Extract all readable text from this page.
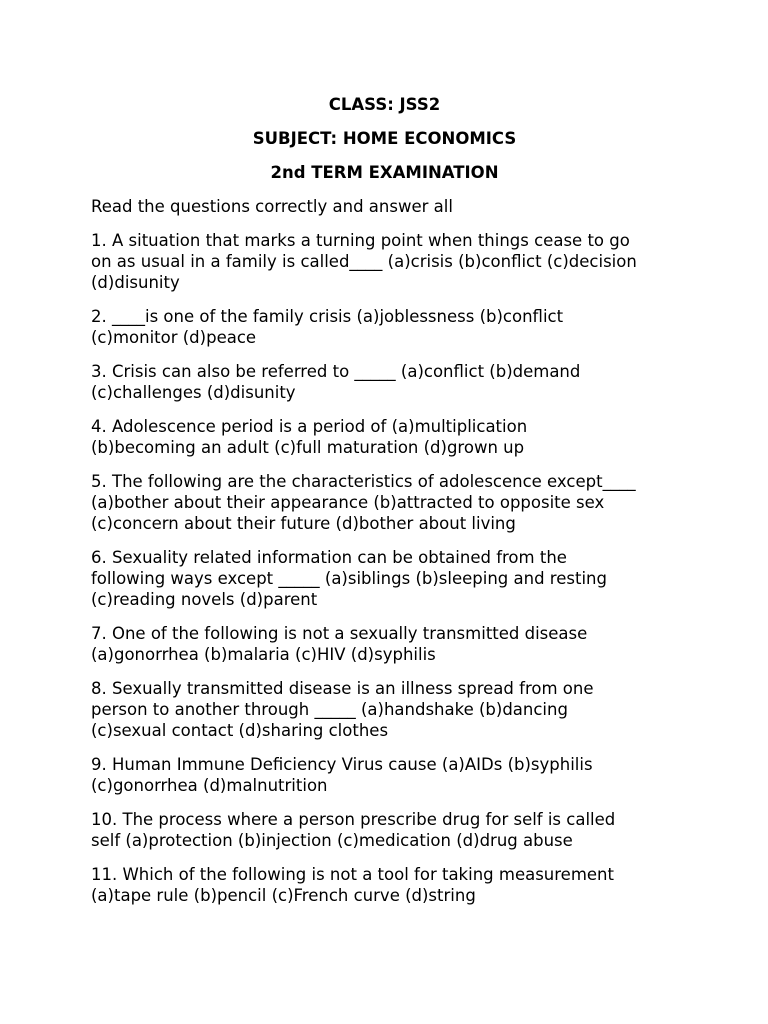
CLASS: JSS2
SUBJECT: HOME ECONOMICS
2nd TERM EXAMINATION
Read the questions correctly and answer all
1. A situation that marks a turning point when things cease to go
on as usual in a family is called____ (a)crisis (b)conflict (c)decision
(d)disunity
2. ____is one of the family crisis (a)joblessness (b)conflict
(c)monitor (d)peace
3. Crisis can also be referred to _____ (a)conflict (b)demand
(c)challenges (d)disunity
4. Adolescence period is a period of (a)multiplication
(b)becoming an adult (c)full maturation (d)grown up
5. The following are the characteristics of adolescence except____
(a)bother about their appearance (b)attracted to opposite sex
(c)concern about their future (d)bother about living
6. Sexuality related information can be obtained from the
following ways except _____ (a)siblings (b)sleeping and resting
(c)reading novels (d)parent
7. One of the following is not a sexually transmitted disease
(a)gonorrhea (b)malaria (c)HIV (d)syphilis
8. Sexually transmitted disease is an illness spread from one
person to another through _____ (a)handshake (b)dancing
(c)sexual contact (d)sharing clothes
9. Human Immune Deficiency Virus cause (a)AIDs (b)syphilis
(c)gonorrhea (d)malnutrition
10. The process where a person prescribe drug for self is called
self (a)protection (b)injection (c)medication (d)drug abuse
11. Which of the following is not a tool for taking measurement
(a)tape rule (b)pencil (c)French curve (d)string
